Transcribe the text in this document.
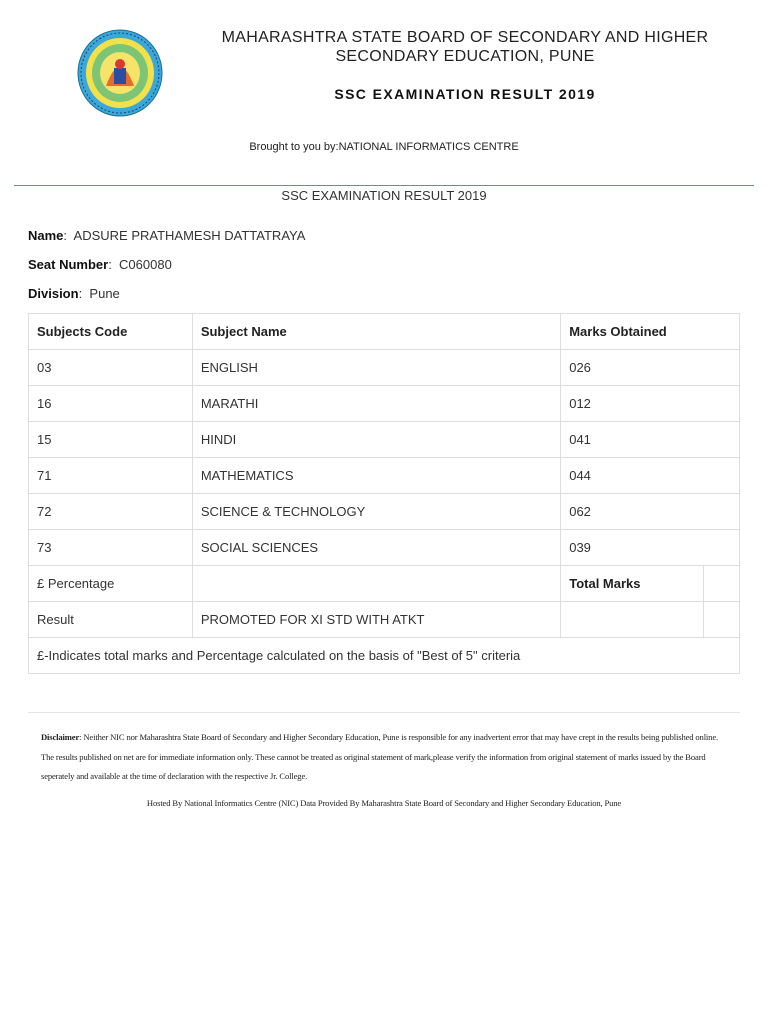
MAHARASHTRA STATE BOARD OF SECONDARY AND HIGHER SECONDARY EDUCATION, PUNE
SSC EXAMINATION RESULT 2019
Brought to you by:NATIONAL INFORMATICS CENTRE
SSC EXAMINATION RESULT 2019
Name:  ADSURE PRATHAMESH DATTATRAYA
Seat Number:  C060080
Division:  Pune
Subjects Code	Subject Name	Marks Obtained	
03	ENGLISH	026	
16	MARATHI	012	
15	HINDI	041	
71	MATHEMATICS	044	
72	SCIENCE & TECHNOLOGY	062	
73	SOCIAL SCIENCES	039	
£ Percentage		Total Marks	
Result	PROMOTED FOR XI STD WITH ATKT		
£-Indicates total marks and Percentage calculated on the basis of "Best of 5" criteria			
Disclaimer: Neither NIC nor Maharashtra State Board of Secondary and Higher Secondary Education, Pune is responsible for any inadvertent error that may have crept in the results being published online. The results published on net are for immediate information only. These cannot be treated as original statement of mark,please verify the information from original statement of marks issued by the Board seperately and available at the time of declaration with the respective Jr. College.
Hosted By National Informatics Centre (NIC) Data Provided By Maharashtra State Board of Secondary and Higher Secondary Education, Pune
